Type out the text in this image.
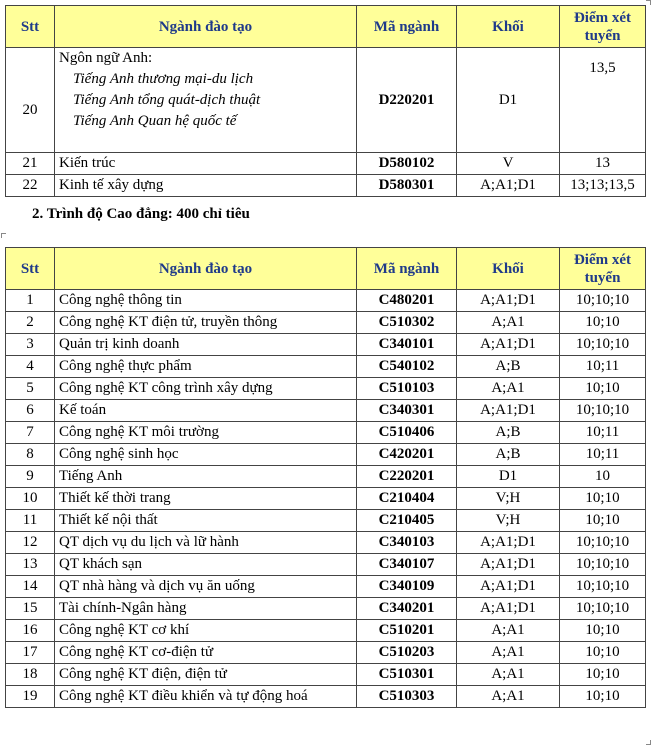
Stt	Ngành đào tạo	Mã ngành	Khối	Điểm xét
tuyển

20	Ngôn ngữ Anh:
Tiếng Anh thương mại-du lịch
Tiếng Anh tổng quát-dịch thuật
Tiếng Anh Quan hệ quốc tế	D220201	D1	13,5
21	Kiến trúc	D580102	V	13
22	Kinh tế xây dựng	D580301	A;A1;D1	13;13;13,5
2. Trình độ Cao đẳng: 400 chỉ tiêu
Stt	Ngành đào tạo	Mã ngành	Khối	Điểm xét
tuyển

1	Công nghệ thông tin	C480201	A;A1;D1	10;10;10
2	Công nghệ KT điện tử, truyền thông	C510302	A;A1	10;10
3	Quản trị kinh doanh	C340101	A;A1;D1	10;10;10
4	Công nghệ thực phẩm	C540102	A;B	10;11
5	Công nghệ KT công trình xây dựng	C510103	A;A1	10;10
6	Kế toán	C340301	A;A1;D1	10;10;10
7	Công nghệ KT môi trường	C510406	A;B	10;11
8	Công nghệ sinh học	C420201	A;B	10;11
9	Tiếng Anh	C220201	D1	10
10	Thiết kế thời trang	C210404	V;H	10;10
11	Thiết kế nội thất	C210405	V;H	10;10
12	QT dịch vụ du lịch và lữ hành	C340103	A;A1;D1	10;10;10
13	QT khách sạn	C340107	A;A1;D1	10;10;10
14	QT nhà hàng và dịch vụ ăn uống	C340109	A;A1;D1	10;10;10
15	Tài chính-Ngân hàng	C340201	A;A1;D1	10;10;10
16	Công nghệ KT cơ khí	C510201	A;A1	10;10
17	Công nghệ KT cơ-điện tử	C510203	A;A1	10;10
18	Công nghệ KT điện, điện tử	C510301	A;A1	10;10
19	Công nghệ KT điều khiển và tự động hoá	C510303	A;A1	10;10
